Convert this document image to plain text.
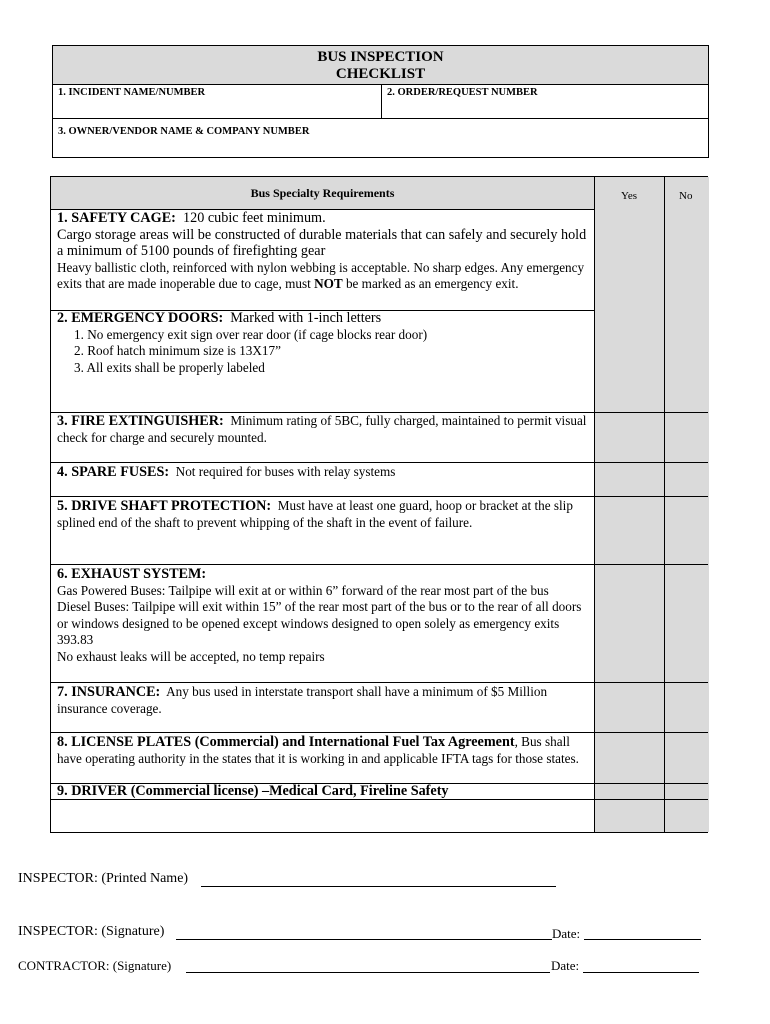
BUS INSPECTION
CHECKLIST
1. INCIDENT NAME/NUMBER	2. ORDER/REQUEST NUMBER
3. OWNER/VENDOR NAME & COMPANY NUMBER
Bus Specialty Requirements	Yes	No
1. SAFETY CAGE: 120 cubic feet minimum.
Cargo storage areas will be constructed of durable materials that can safely and securely hold a minimum of 5100 pounds of firefighting gear
Heavy ballistic cloth, reinforced with nylon webbing is acceptable. No sharp edges. Any emergency exits that are made inoperable due to cage, must NOT be marked as an emergency exit.
2. EMERGENCY DOORS: Marked with 1-inch letters
1. No emergency exit sign over rear door (if cage blocks rear door)
2. Roof hatch minimum size is 13X17”
3. All exits shall be properly labeled
3. FIRE EXTINGUISHER: Minimum rating of 5BC, fully charged, maintained to permit visual check for charge and securely mounted.
4. SPARE FUSES: Not required for buses with relay systems
5. DRIVE SHAFT PROTECTION: Must have at least one guard, hoop or bracket at the slip splined end of the shaft to prevent whipping of the shaft in the event of failure.
6. EXHAUST SYSTEM:
Gas Powered Buses: Tailpipe will exit at or within 6” forward of the rear most part of the bus
Diesel Buses: Tailpipe will exit within 15” of the rear most part of the bus or to the rear of all doors or windows designed to be opened except windows designed to open solely as emergency exits 393.83
No exhaust leaks will be accepted, no temp repairs
7. INSURANCE: Any bus used in interstate transport shall have a minimum of $5 Million insurance coverage.
8. LICENSE PLATES (Commercial) and International Fuel Tax Agreement, Bus shall have operating authority in the states that it is working in and applicable IFTA tags for those states.
9. DRIVER (Commercial license) –Medical Card, Fireline Safety
INSPECTOR: (Printed Name)
INSPECTOR: (Signature)	Date:
CONTRACTOR: (Signature)	Date:
